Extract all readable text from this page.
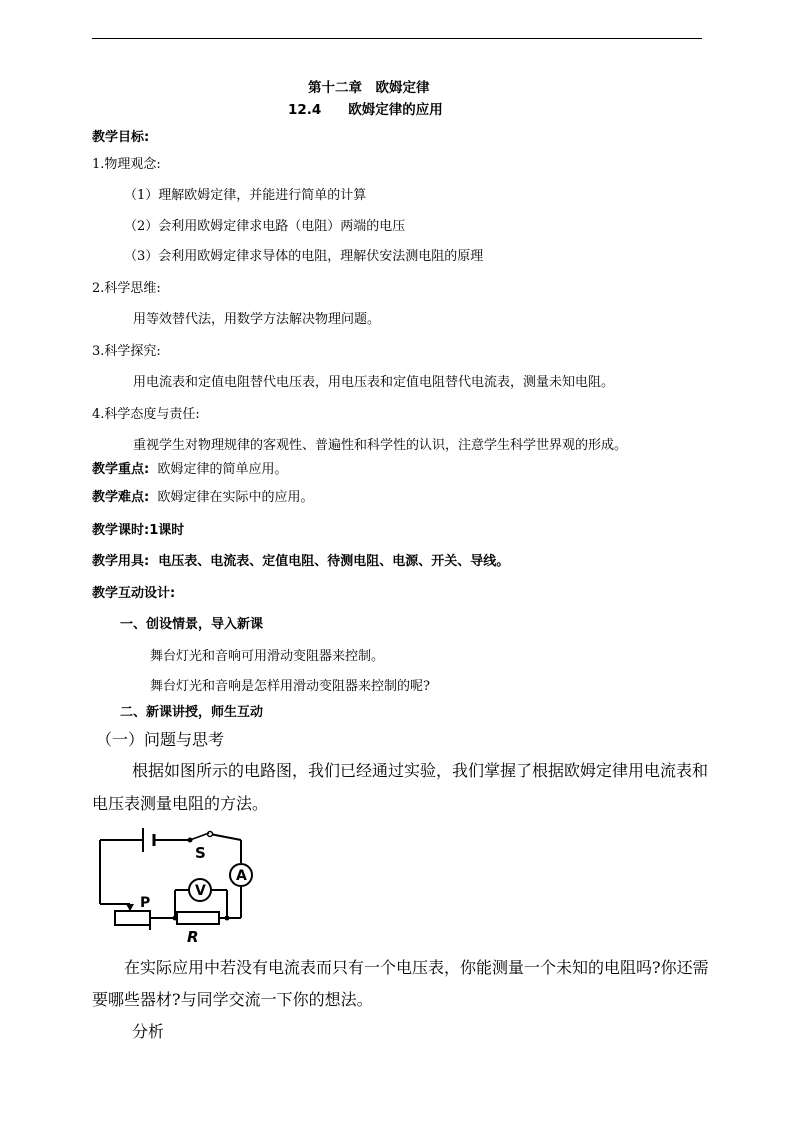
第十二章　欧姆定律
12.4　　欧姆定律的应用
教学目标:
1.物理观念:
（1）理解欧姆定律，并能进行简单的计算
（2）会利用欧姆定律求电路（电阻）两端的电压
（3）会利用欧姆定律求导体的电阻，理解伏安法测电阻的原理
2.科学思维:
用等效替代法，用数学方法解决物理问题。
3.科学探究:
用电流表和定值电阻替代电压表，用电压表和定值电阻替代电流表，测量未知电阻。
4.科学态度与责任:
重视学生对物理规律的客观性、普遍性和科学性的认识，注意学生科学世界观的形成。
教学重点: 欧姆定律的简单应用。
教学难点: 欧姆定律在实际中的应用。
教学课时:1课时
教学用具: 电压表、电流表、定值电阻、待测电阻、电源、开关、导线。
教学互动设计:
一、创设情景，导入新课
舞台灯光和音响可用滑动变阻器来控制。
舞台灯光和音响是怎样用滑动变阻器来控制的呢?
二、新课讲授，师生互动
（一）问题与思考
根据如图所示的电路图，我们已经通过实验，我们掌握了根据欧姆定律用电流表和
电压表测量电阻的方法。
S
A
V
P
R
在实际应用中若没有电流表而只有一个电压表，你能测量一个未知的电阻吗?你还需
要哪些器材?与同学交流一下你的想法。
分析
